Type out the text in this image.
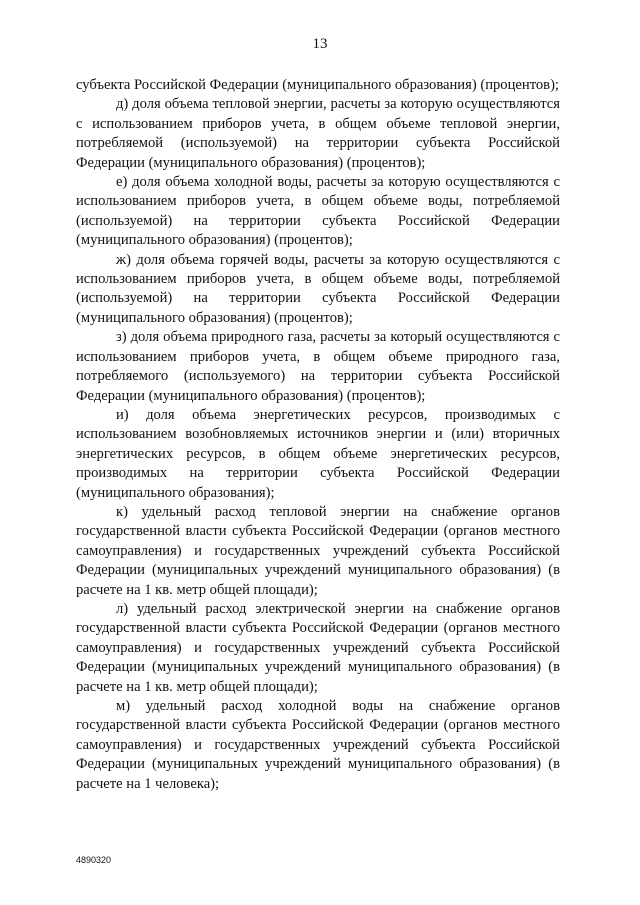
13

субъекта Российской Федерации (муниципального образования) (процентов);

д) доля объема тепловой энергии, расчеты за которую осуществляются с использованием приборов учета, в общем объеме тепловой энергии, потребляемой (используемой) на территории субъекта Российской Федерации (муниципального образования) (процентов);

е) доля объема холодной воды, расчеты за которую осуществляются с использованием приборов учета, в общем объеме воды, потребляемой (используемой) на территории субъекта Российской Федерации (муниципального образования) (процентов);

ж) доля объема горячей воды, расчеты за которую осуществляются с использованием приборов учета, в общем объеме воды, потребляемой (используемой) на территории субъекта Российской Федерации (муниципального образования) (процентов);

з) доля объема природного газа, расчеты за который осуществляются с использованием приборов учета, в общем объеме природного газа, потребляемого (используемого) на территории субъекта Российской Федерации (муниципального образования) (процентов);

и) доля объема энергетических ресурсов, производимых с использованием возобновляемых источников энергии и (или) вторичных энергетических ресурсов, в общем объеме энергетических ресурсов, производимых на территории субъекта Российской Федерации (муниципального образования);

к) удельный расход тепловой энергии на снабжение органов государственной власти субъекта Российской Федерации (органов местного самоуправления) и государственных учреждений субъекта Российской Федерации (муниципальных учреждений муниципального образования) (в расчете на 1 кв. метр общей площади);

л) удельный расход электрической энергии на снабжение органов государственной власти субъекта Российской Федерации (органов местного самоуправления) и государственных учреждений субъекта Российской Федерации (муниципальных учреждений муниципального образования) (в расчете на 1 кв. метр общей площади);

м) удельный расход холодной воды на снабжение органов государственной власти субъекта Российской Федерации (органов местного самоуправления) и государственных учреждений субъекта Российской Федерации (муниципальных учреждений муниципального образования) (в расчете на 1 человека);

4890320
